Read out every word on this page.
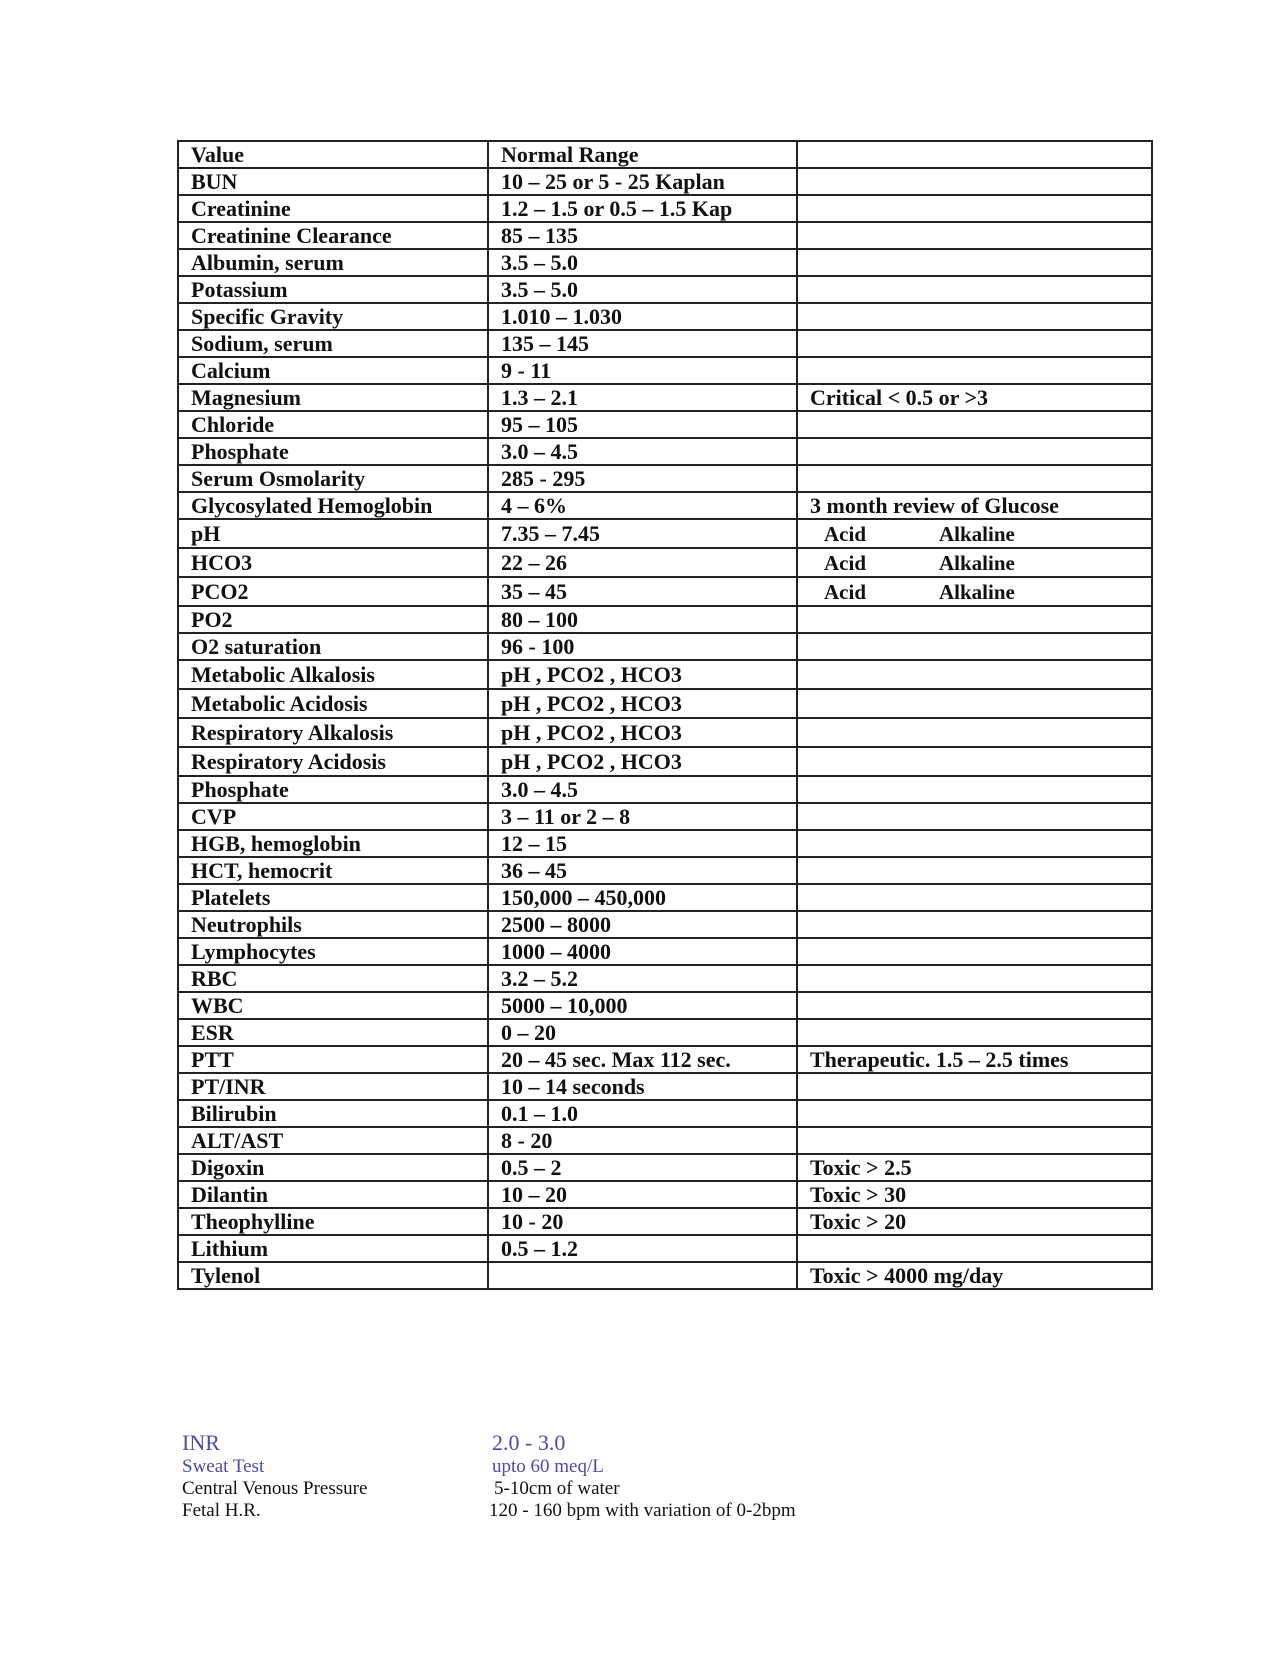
Value	Normal Range	
BUN	10 – 25 or 5 - 25 Kaplan	
Creatinine	1.2 – 1.5 or 0.5 – 1.5 Kap	
Creatinine Clearance	85 – 135	
Albumin, serum	3.5 – 5.0	
Potassium	3.5 – 5.0	
Specific Gravity	1.010 – 1.030	
Sodium, serum	135 – 145	
Calcium	9 - 11	
Magnesium	1.3 – 2.1	Critical < 0.5 or >3
Chloride	95 – 105	
Phosphate	3.0 – 4.5	
Serum Osmolarity	285 - 295	
Glycosylated Hemoglobin	4 – 6%	3 month review of Glucose
pH	7.35 – 7.45	Acid Alkaline
HCO3	22 – 26	Acid Alkaline
PCO2	35 – 45	Acid Alkaline
PO2	80 – 100	
O2 saturation	96 - 100	
Metabolic Alkalosis	pH , PCO2 , HCO3	
Metabolic Acidosis	pH , PCO2 , HCO3	
Respiratory Alkalosis	pH , PCO2 , HCO3	
Respiratory Acidosis	pH , PCO2 , HCO3	
Phosphate	3.0 – 4.5	
CVP	3 – 11 or 2 – 8	
HGB, hemoglobin	12 – 15	
HCT, hemocrit	36 – 45	
Platelets	150,000 – 450,000	
Neutrophils	2500 – 8000	
Lymphocytes	1000 – 4000	
RBC	3.2 – 5.2	
WBC	5000 – 10,000	
ESR	0 – 20	
PTT	20 – 45 sec. Max 112 sec.	Therapeutic. 1.5 – 2.5 times
PT/INR	10 – 14 seconds	
Bilirubin	0.1 – 1.0	
ALT/AST	8 - 20	
Digoxin	0.5 – 2	Toxic > 2.5
Dilantin	10 – 20	Toxic > 30
Theophylline	10 - 20	Toxic > 20
Lithium	0.5 – 1.2	
Tylenol		Toxic > 4000 mg/day
INR	2.0 - 3.0
Sweat Test	upto 60 meq/L
Central Venous Pressure	5-10cm of water
Fetal H.R.	120 - 160 bpm with variation of 0-2bpm
